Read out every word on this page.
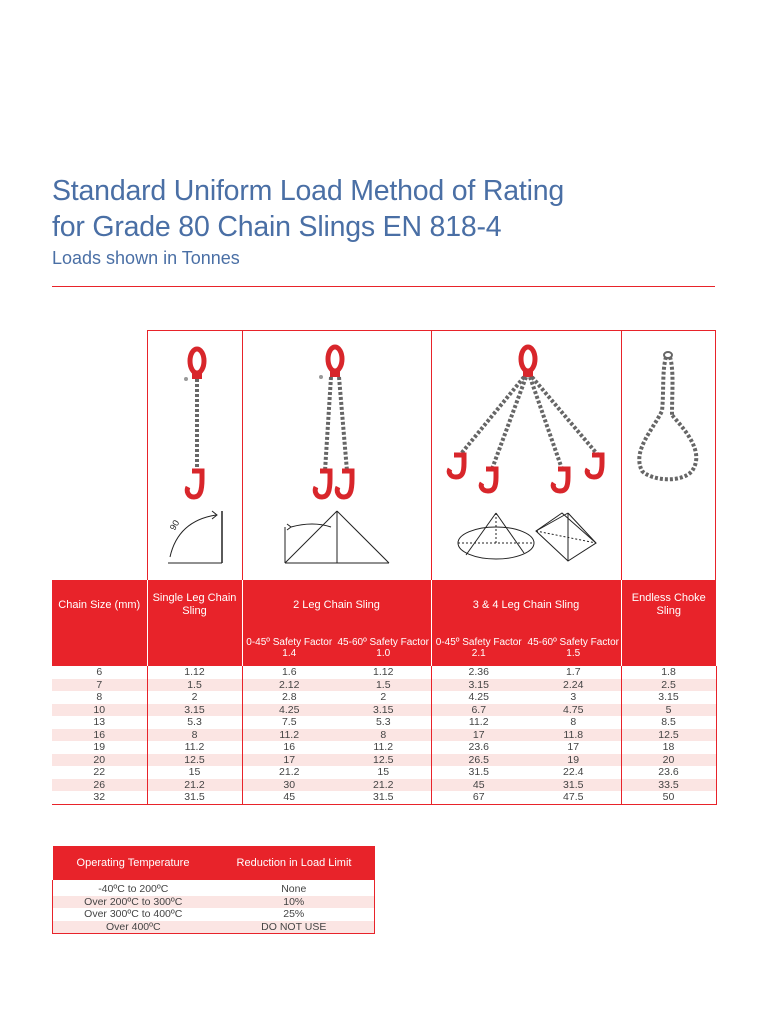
Standard Uniform Load Method of Rating
for Grade 80 Chain Slings EN 818-4

Loads shown in Tonnes

90
Chain Size (mm)	Single Leg Chain Sling	2 Leg Chain Sling		3 & 4 Leg Chain Sling		Endless Choke Sling
		0-45º Safety Factor 1.4	45-60º Safety Factor 1.0	0-45º Safety Factor 2.1	45-60º Safety Factor 1.5	
6	1.12	1.6	1.12	2.36	1.7	1.8
7	1.5	2.12	1.5	3.15	2.24	2.5
8	2	2.8	2	4.25	3	3.15
10	3.15	4.25	3.15	6.7	4.75	5
13	5.3	7.5	5.3	11.2	8	8.5
16	8	11.2	8	17	11.8	12.5
19	11.2	16	11.2	23.6	17	18
20	12.5	17	12.5	26.5	19	20
22	15	21.2	15	31.5	22.4	23.6
26	21.2	30	21.2	45	31.5	33.5
32	31.5	45	31.5	67	47.5	50
Operating Temperature	Reduction in Load Limit

-40ºC to 200ºC	None
Over 200ºC to 300ºC	10%
Over 300ºC to 400ºC	25%
Over 400ºC	DO NOT USE
